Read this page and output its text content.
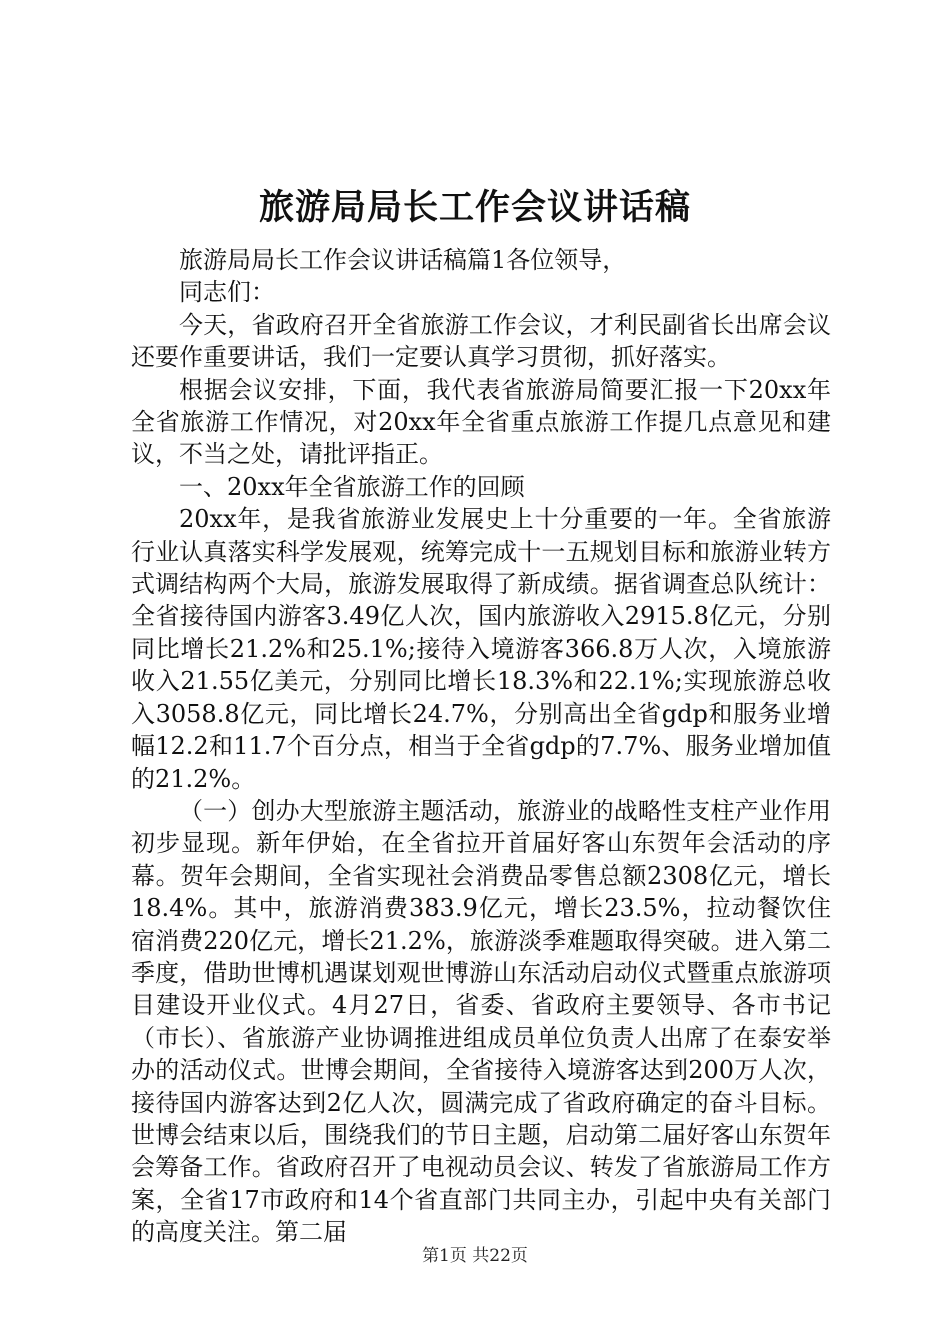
旅游局局长工作会议讲话稿

旅游局局长工作会议讲话稿篇1各位领导，

同志们：

今天，省政府召开全省旅游工作会议，才利民副省长出席会议还要作重要讲话，我们一定要认真学习贯彻，抓好落实。

根据会议安排，下面，我代表省旅游局简要汇报一下20xx年全省旅游工作情况，对20xx年全省重点旅游工作提几点意见和建议，不当之处，请批评指正。

一、20xx年全省旅游工作的回顾

20xx年，是我省旅游业发展史上十分重要的一年。全省旅游行业认真落实科学发展观，统筹完成十一五规划目标和旅游业转方式调结构两个大局，旅游发展取得了新成绩。据省调查总队统计：全省接待国内游客3.49亿人次，国内旅游收入2915.8亿元，分别同比增长21.2%和25.1%;接待入境游客366.8万人次，入境旅游收入21.55亿美元，分别同比增长18.3%和22.1%;实现旅游总收入3058.8亿元，同比增长24.7%，分别高出全省gdp和服务业增幅12.2和11.7个百分点，相当于全省gdp的7.7%、服务业增加值的21.2%。

（一）创办大型旅游主题活动，旅游业的战略性支柱产业作用初步显现。新年伊始，在全省拉开首届好客山东贺年会活动的序幕。贺年会期间，全省实现社会消费品零售总额2308亿元，增长18.4%。其中，旅游消费383.9亿元，增长23.5%，拉动餐饮住宿消费220亿元，增长21.2%，旅游淡季难题取得突破。进入第二季度，借助世博机遇谋划观世博游山东活动启动仪式暨重点旅游项目建设开业仪式。4月27日，省委、省政府主要领导、各市书记（市长）、省旅游产业协调推进组成员单位负责人出席了在泰安举办的活动仪式。世博会期间，全省接待入境游客达到200万人次，接待国内游客达到2亿人次，圆满完成了省政府确定的奋斗目标。世博会结束以后，围绕我们的节日主题，启动第二届好客山东贺年会筹备工作。省政府召开了电视动员会议、转发了省旅游局工作方案，全省17市政府和14个省直部门共同主办，引起中央有关部门的高度关注。第二届

第1页 共22页
